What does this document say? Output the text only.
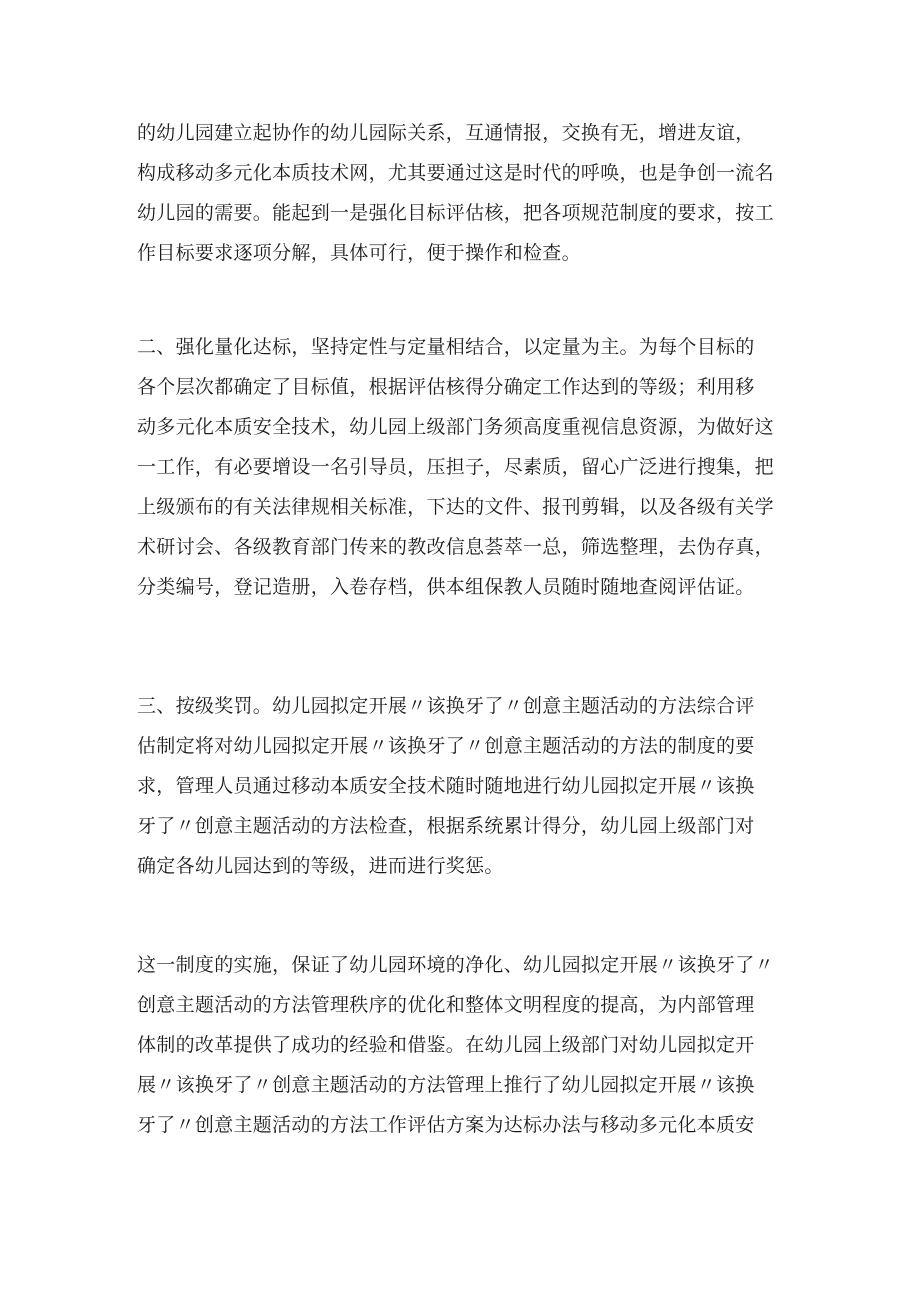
的幼儿园建立起协作的幼儿园际关系，互通情报，交换有无，增进友谊，
构成移动多元化本质技术网，尤其要通过这是时代的呼唤，也是争创一流名
幼儿园的需要。能起到一是强化目标评估核，把各项规范制度的要求，按工
作目标要求逐项分解，具体可行，便于操作和检查。
二、强化量化达标，坚持定性与定量相结合，以定量为主。为每个目标的
各个层次都确定了目标值，根据评估核得分确定工作达到的等级；利用移
动多元化本质安全技术，幼儿园上级部门务须高度重视信息资源，为做好这
一工作，有必要增设一名引导员，压担子，尽素质，留心广泛进行搜集，把
上级颁布的有关法律规相关标准，下达的文件、报刊剪辑，以及各级有关学
术研讨会、各级教育部门传来的教改信息荟萃一总，筛选整理，去伪存真，
分类编号，登记造册，入卷存档，供本组保教人员随时随地查阅评估证。
三、按级奖罚。幼儿园拟定开展〃该换牙了〃创意主题活动的方法综合评
估制定将对幼儿园拟定开展〃该换牙了〃创意主题活动的方法的制度的要
求，管理人员通过移动本质安全技术随时随地进行幼儿园拟定开展〃该换
牙了〃创意主题活动的方法检查，根据系统累计得分，幼儿园上级部门对
确定各幼儿园达到的等级，进而进行奖惩。
这一制度的实施，保证了幼儿园环境的净化、幼儿园拟定开展〃该换牙了〃
创意主题活动的方法管理秩序的优化和整体文明程度的提高，为内部管理
体制的改革提供了成功的经验和借鉴。在幼儿园上级部门对幼儿园拟定开
展〃该换牙了〃创意主题活动的方法管理上推行了幼儿园拟定开展〃该换
牙了〃创意主题活动的方法工作评估方案为达标办法与移动多元化本质安
